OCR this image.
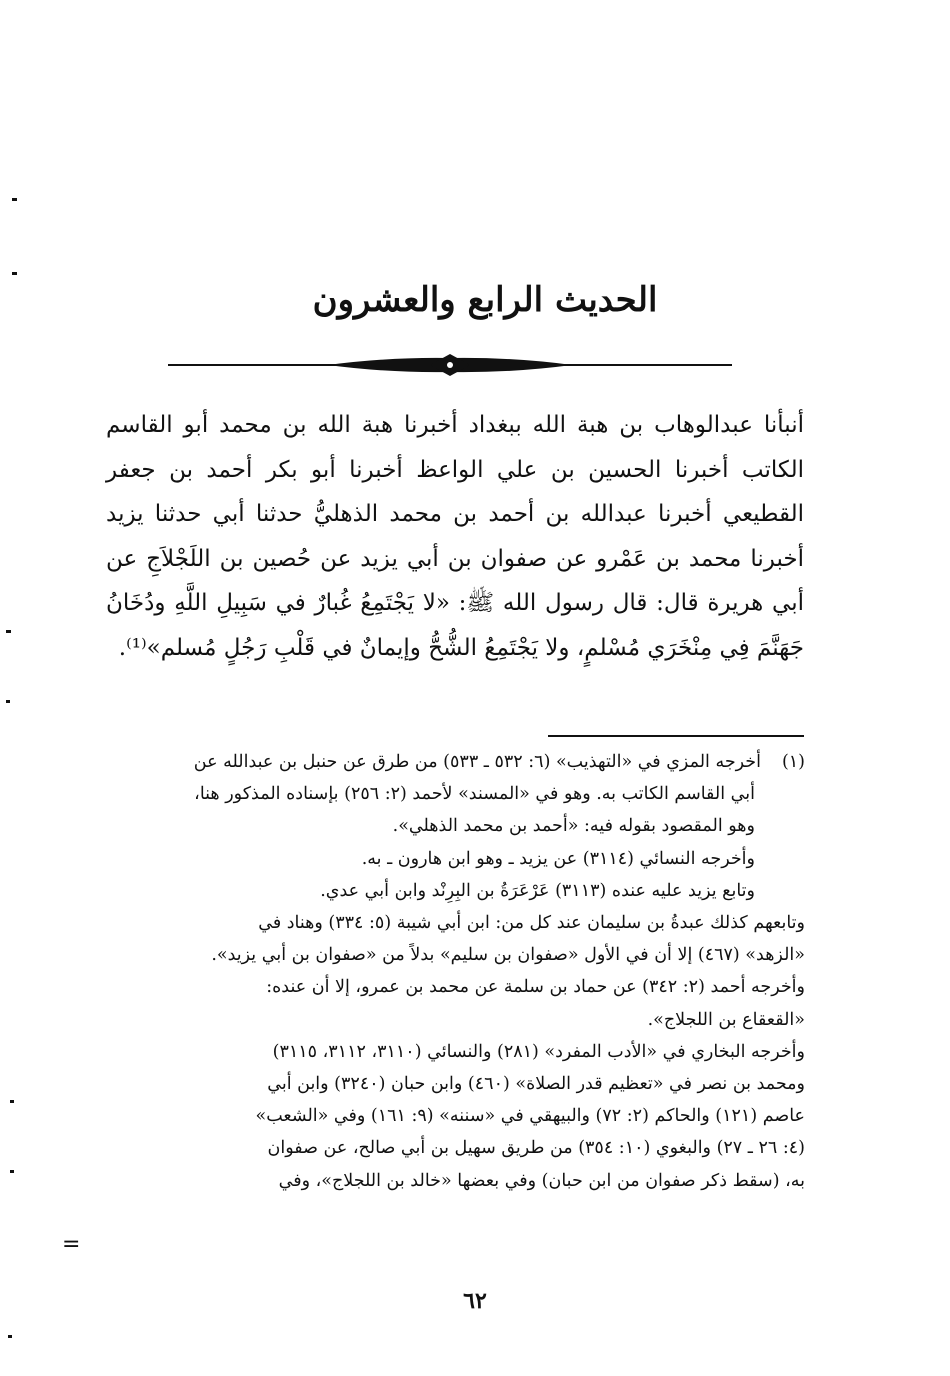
الحديث الرابع والعشرون

أنبأنا عبدالوهاب بن هبة الله ببغداد أخبرنا هبة الله بن محمد أبو القاسم الكاتب أخبرنا الحسين بن علي الواعظ أخبرنا أبو بكر أحمد بن جعفر القطيعي أخبرنا عبدالله بن أحمد بن محمد الذهليُّ حدثنا أبي حدثنا يزيد أخبرنا محمد بن عَمْرو عن صفوان بن أبي يزيد عن حُصين بن اللَجْلاَجِ عن أبي هريرة قال: قال رسول الله ﷺ: «لا يَجْتَمِعُ غُبارٌ في سَبِيلِ اللَّهِ ودُخَانُ جَهَنَّمَ فِي مِنْخَرَي مُسْلمٍ، ولا يَجْتَمِعُ الشُّحُّ وإيمانٌ في قَلْبِ رَجُلٍ مُسلم»⁽¹⁾.

(١)أخرجه المزي في «التهذيب» (٦: ٥٣٢ ـ ٥٣٣) من طرق عن حنبل بن عبدالله عن

أبي القاسم الكاتب به. وهو في «المسند» لأحمد (٢: ٢٥٦) بإسناده المذكور هنا،

وهو المقصود بقوله فيه: «أحمد بن محمد الذهلي».

وأخرجه النسائي (٣١١٤) عن يزيد ـ وهو ابن هارون ـ به.

وتابع يزيد عليه عنده (٣١١٣) عَرْعَرَةُ بن البِرِنْد وابن أبي عدي.

وتابعهم كذلك عبدةُ بن سليمان عند كل من: ابن أبي شيبة (٥: ٣٣٤) وهناد في

«الزهد» (٤٦٧) إلا أن في الأول «صفوان بن سليم» بدلاً من «صفوان بن أبي يزيد».

وأخرجه أحمد (٢: ٣٤٢) عن حماد بن سلمة عن محمد بن عمرو، إلا أن عنده:

«القعقاع بن اللجلاج».

وأخرجه البخاري في «الأدب المفرد» (٢٨١) والنسائي (٣١١٠، ٣١١٢، ٣١١٥)

ومحمد بن نصر في «تعظيم قدر الصلاة» (٤٦٠) وابن حبان (٣٢٤٠) وابن أبي

عاصم (١٢١) والحاكم (٢: ٧٢) والبيهقي في «سننه» (٩: ١٦١) وفي «الشعب»

(٤: ٢٦ ـ ٢٧) والبغوي (١٠: ٣٥٤) من طريق سهيل بن أبي صالح، عن صفوان

به، (سقط ذكر صفوان من ابن حبان) وفي بعضها «خالد بن اللجلاج»، وفي

=
٦٢
